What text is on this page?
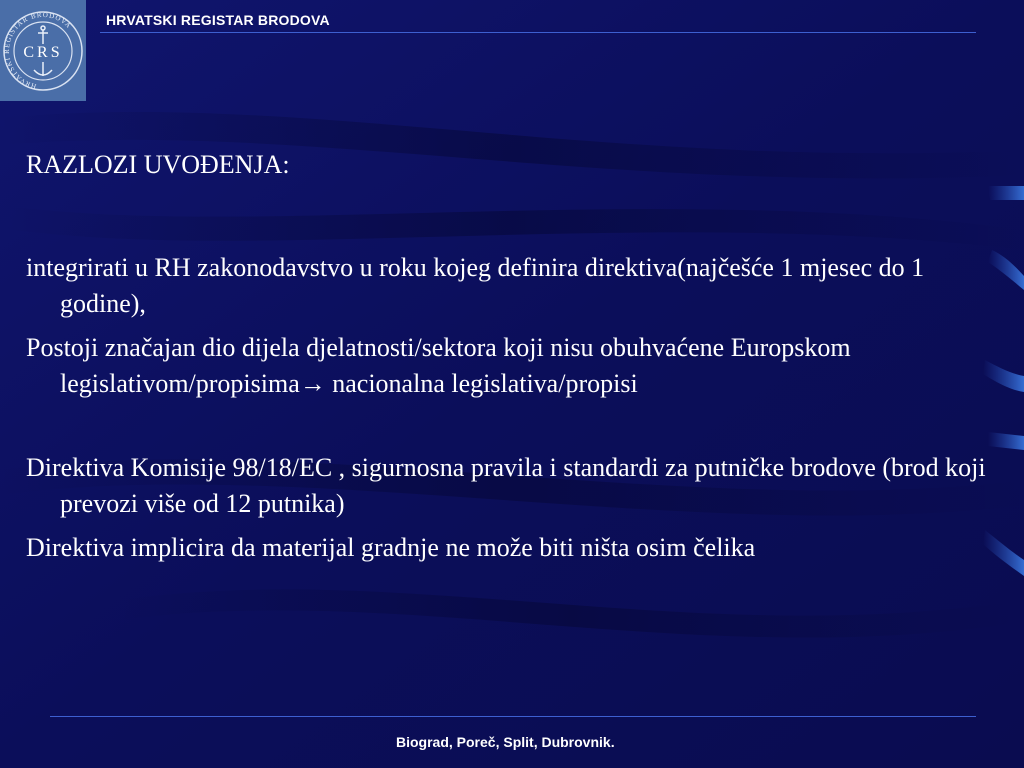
HRVATSKI REGISTAR BRODOVA
CRS
HRVATSKI REGISTAR BRODOVA
RAZLOZI UVOĐENJA:
integrirati u RH zakonodavstvo u roku kojeg definira direktiva(najčešće 1 mjesec do 1 godine),
Postoji značajan dio dijela djelatnosti/sektora koji nisu obuhvaćene Europskom legislativom/propisima→ nacionalna legislativa/propisi
Direktiva Komisije 98/18/EC , sigurnosna pravila i standardi za putničke brodove (brod koji prevozi više od 12 putnika)
Direktiva implicira da materijal gradnje ne može biti ništa osim čelika
Biograd, Poreč, Split, Dubrovnik.
